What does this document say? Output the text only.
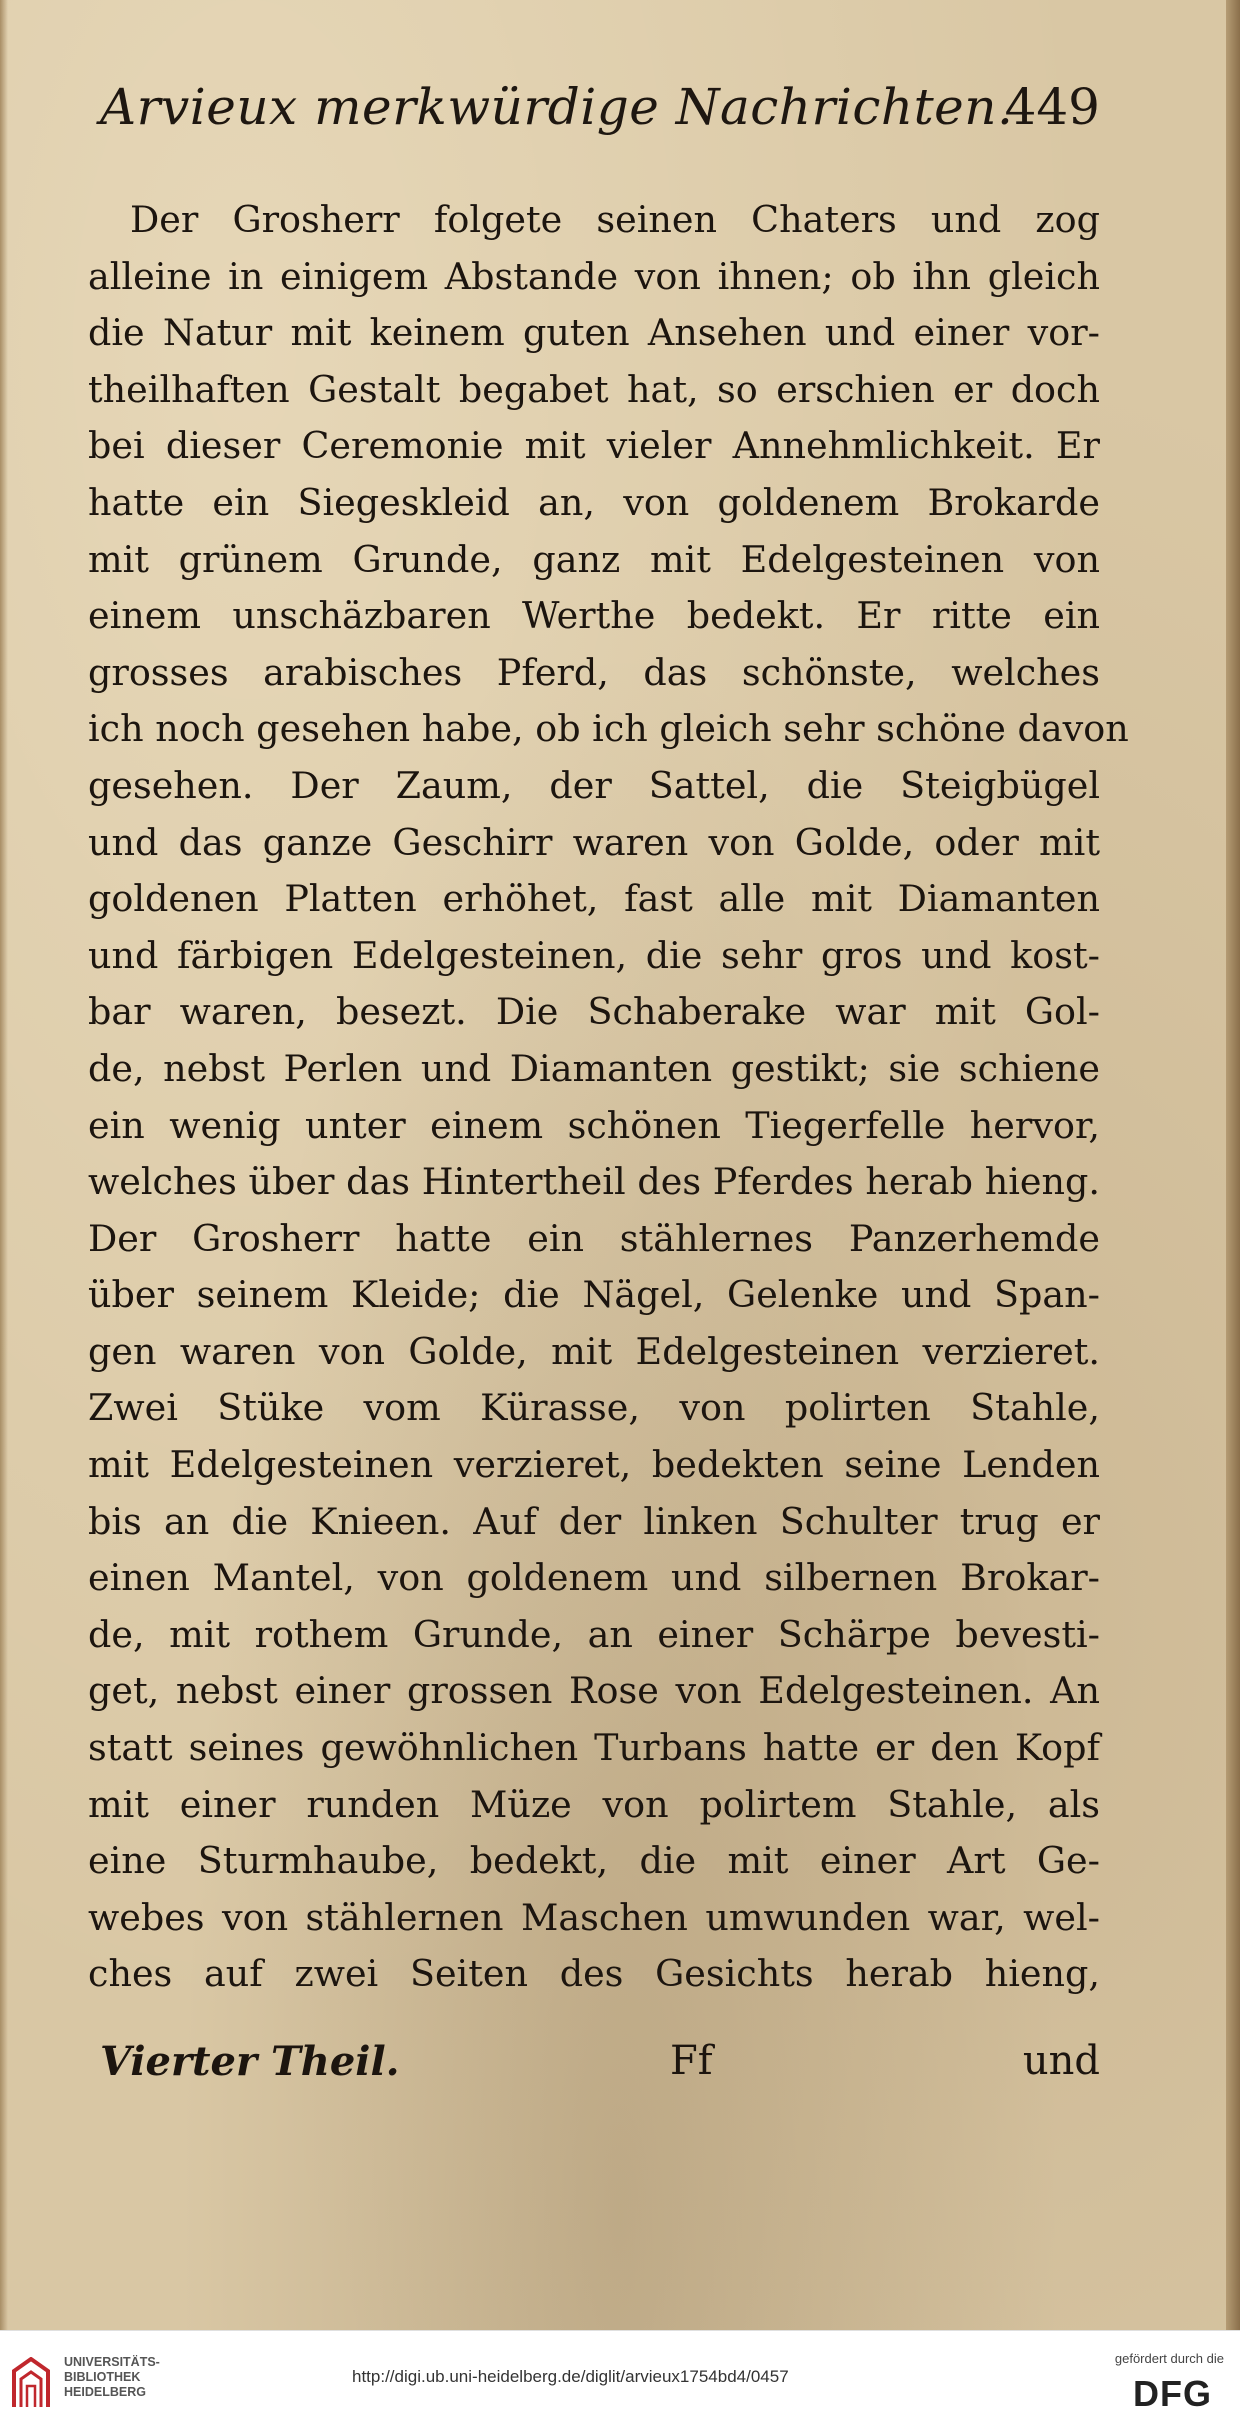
Arvieux merkwürdige Nachrichten.
449
Der Grosherr folgete seinen Chaters und zog
alleine in einigem Abstande von ihnen; ob ihn gleich
die Natur mit keinem guten Ansehen und einer vor-
theilhaften Gestalt begabet hat, so erschien er doch
bei dieser Ceremonie mit vieler Annehmlichkeit. Er
hatte ein Siegeskleid an, von goldenem Brokarde
mit grünem Grunde, ganz mit Edelgesteinen von
einem unschäzbaren Werthe bedekt. Er ritte ein
grosses arabisches Pferd, das schönste, welches
ich noch gesehen habe, ob ich gleich sehr schöne davon
gesehen. Der Zaum, der Sattel, die Steigbügel
und das ganze Geschirr waren von Golde, oder mit
goldenen Platten erhöhet, fast alle mit Diamanten
und färbigen Edelgesteinen, die sehr gros und kost-
bar waren, besezt. Die Schaberake war mit Gol-
de, nebst Perlen und Diamanten gestikt; sie schiene
ein wenig unter einem schönen Tiegerfelle hervor,
welches über das Hintertheil des Pferdes herab hieng.
Der Grosherr hatte ein stählernes Panzerhemde
über seinem Kleide; die Nägel, Gelenke und Span-
gen waren von Golde, mit Edelgesteinen verzieret.
Zwei Stüke vom Kürasse, von polirten Stahle,
mit Edelgesteinen verzieret, bedekten seine Lenden
bis an die Knieen. Auf der linken Schulter trug er
einen Mantel, von goldenem und silbernen Brokar-
de, mit rothem Grunde, an einer Schärpe bevesti-
get, nebst einer grossen Rose von Edelgesteinen. An
statt seines gewöhnlichen Turbans hatte er den Kopf
mit einer runden Müze von polirtem Stahle, als
eine Sturmhaube, bedekt, die mit einer Art Ge-
webes von stählernen Maschen umwunden war, wel-
ches auf zwei Seiten des Gesichts herab hieng,
Vierter Theil.	Ff	und
UNIVERSITÄTS-
BIBLIOTHEK
HEIDELBERG
http://digi.ub.uni-heidelberg.de/diglit/arvieux1754bd4/0457
gefördert durch die
DFG
